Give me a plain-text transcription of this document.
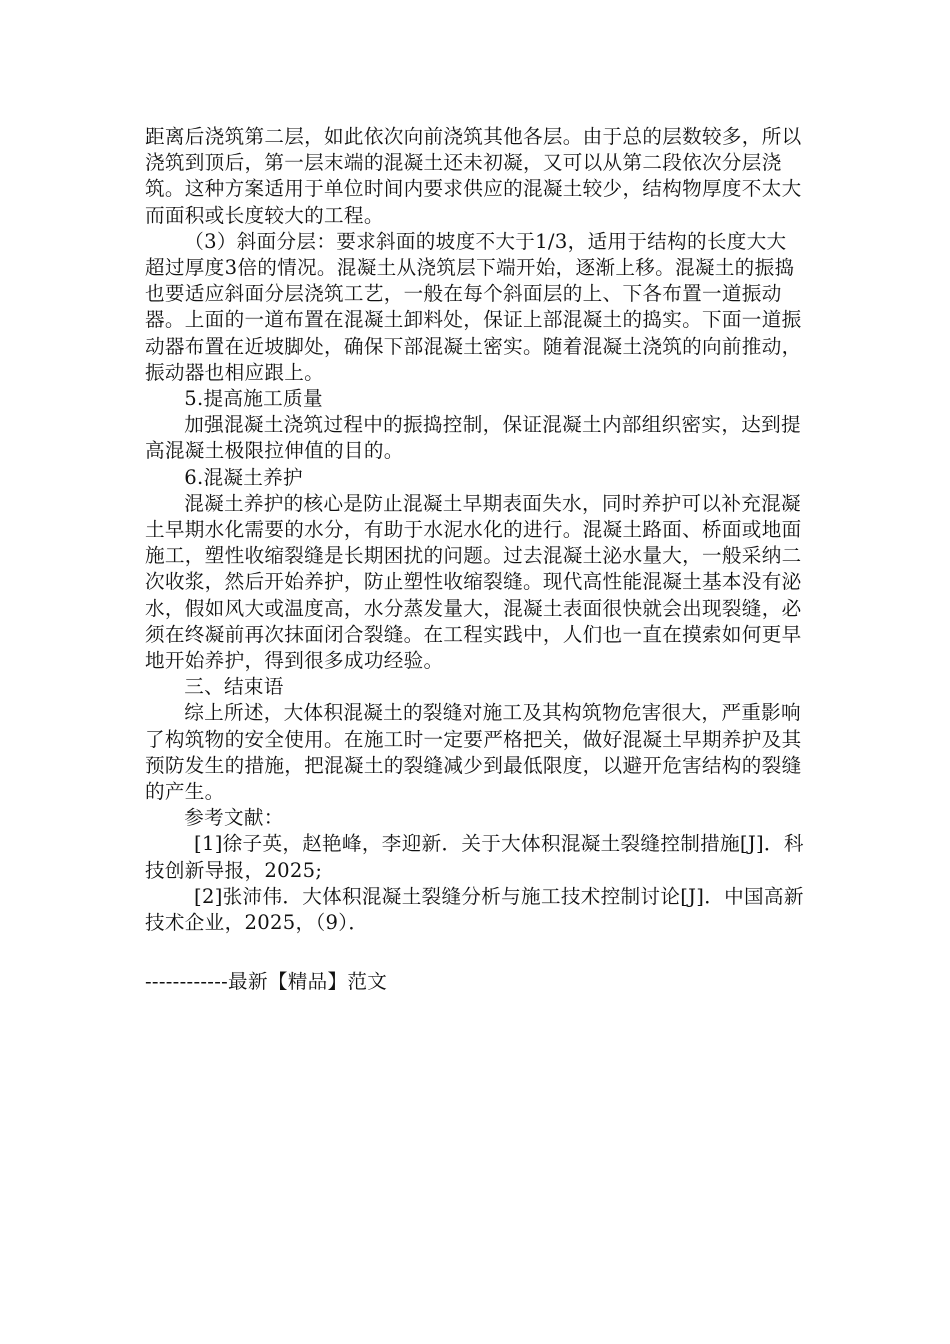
距离后浇筑第二层，如此依次向前浇筑其他各层。由于总的层数较多，所以浇筑到顶后，第一层末端的混凝土还未初凝，又可以从第二段依次分层浇筑。这种方案适用于单位时间内要求供应的混凝土较少，结构物厚度不太大而面积或长度较大的工程。

（3）斜面分层：要求斜面的坡度不大于1/3，适用于结构的长度大大超过厚度3倍的情况。混凝土从浇筑层下端开始，逐渐上移。混凝土的振捣也要适应斜面分层浇筑工艺，一般在每个斜面层的上、下各布置一道振动器。上面的一道布置在混凝土卸料处，保证上部混凝土的捣实。下面一道振动器布置在近坡脚处，确保下部混凝土密实。随着混凝土浇筑的向前推动，振动器也相应跟上。

5.提高施工质量

加强混凝土浇筑过程中的振捣控制，保证混凝土内部组织密实，达到提高混凝土极限拉伸值的目的。

6.混凝土养护

混凝土养护的核心是防止混凝土早期表面失水，同时养护可以补充混凝土早期水化需要的水分，有助于水泥水化的进行。混凝土路面、桥面或地面施工，塑性收缩裂缝是长期困扰的问题。过去混凝土泌水量大，一般采纳二次收浆，然后开始养护，防止塑性收缩裂缝。现代高性能混凝土基本没有泌水，假如风大或温度高，水分蒸发量大，混凝土表面很快就会出现裂缝，必须在终凝前再次抹面闭合裂缝。在工程实践中，人们也一直在摸索如何更早地开始养护，得到很多成功经验。

三、结束语

综上所述，大体积混凝土的裂缝对施工及其构筑物危害很大，严重影响了构筑物的安全使用。在施工时一定要严格把关，做好混凝土早期养护及其预防发生的措施，把混凝土的裂缝减少到最低限度，以避开危害结构的裂缝的产生。

参考文献：

[1]徐子英，赵艳峰，李迎新．关于大体积混凝土裂缝控制措施[J]．科技创新导报，2025;

[2]张沛伟．大体积混凝土裂缝分析与施工技术控制讨论[J]．中国高新技术企业，2025，（9）．

------------最新【精品】范文
